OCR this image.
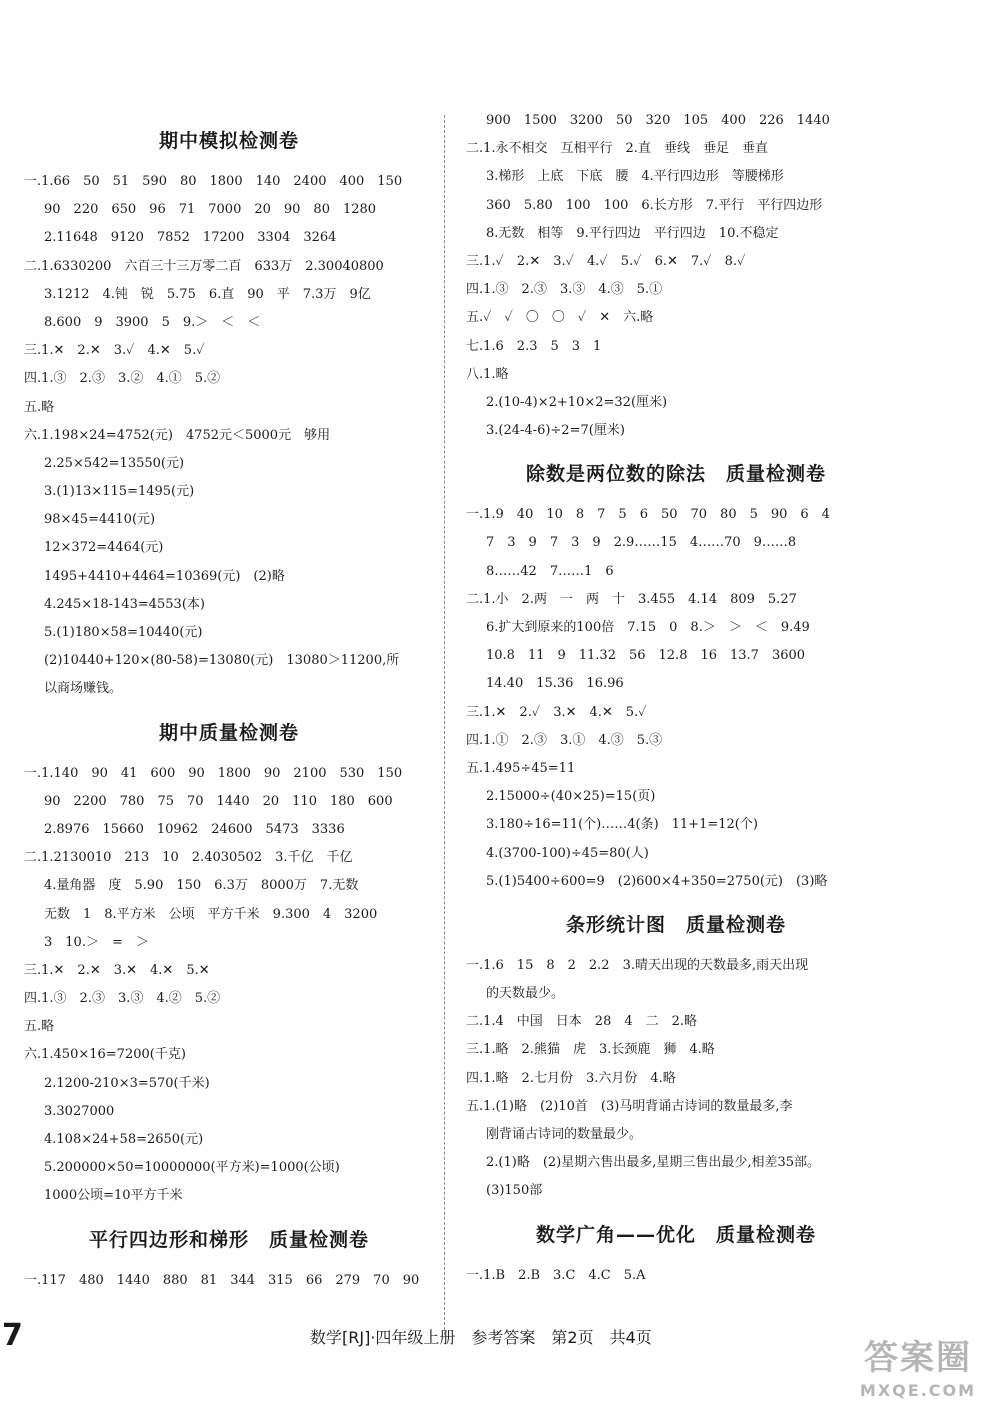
期中模拟检测卷
一.1.66　50　51　590　80　1800　140　2400　400　150
90　220　650　96　71　7000　20　90　80　1280
2.11648　9120　7852　17200　3304　3264
二.1.6330200　六百三十三万零二百　633万　2.30040800
3.1212　4.钝　锐　5.75　6.直　90　平　7.3万　9亿
8.600　9　3900　5　9.＞　＜　＜
三.1.✕　2.✕　3.✓　4.✕　5.✓
四.1.③　2.③　3.②　4.①　5.②
五.略
六.1.198×24=4752(元)　4752元＜5000元　够用
2.25×542=13550(元)
3.(1)13×115=1495(元)
98×45=4410(元)
12×372=4464(元)
1495+4410+4464=10369(元)　(2)略
4.245×18-143=4553(本)
5.(1)180×58=10440(元)
(2)10440+120×(80-58)=13080(元)　13080＞11200,所
以商场赚钱。
期中质量检测卷
一.1.140　90　41　600　90　1800　90　2100　530　150
90　2200　780　75　70　1440　20　110　180　600
2.8976　15660　10962　24600　5473　3336
二.1.2130010　213　10　2.4030502　3.千亿　千亿
4.量角器　度　5.90　150　6.3万　8000万　7.无数
无数　1　8.平方米　公顷　平方千米　9.300　4　3200
3　10.＞　=　＞
三.1.✕　2.✕　3.✕　4.✕　5.✕
四.1.③　2.③　3.③　4.②　5.②
五.略
六.1.450×16=7200(千克)
2.1200-210×3=570(千米)
3.3027000
4.108×24+58=2650(元)
5.200000×50=10000000(平方米)=1000(公顷)
1000公顷=10平方千米
平行四边形和梯形　质量检测卷
一.117　480　1440　880　81　344　315　66　279　70　90
900　1500　3200　50　320　105　400　226　1440
二.1.永不相交　互相平行　2.直　垂线　垂足　垂直
3.梯形　上底　下底　腰　4.平行四边形　等腰梯形
360　5.80　100　100　6.长方形　7.平行　平行四边形
8.无数　相等　9.平行四边　平行四边　10.不稳定
三.1.✓　2.✕　3.✓　4.✓　5.✓　6.✕　7.✓　8.✓
四.1.③　2.③　3.③　4.③　5.①
五.✓　✓　〇　〇　✓　✕　六.略
七.1.6　2.3　5　3　1
八.1.略
2.(10-4)×2+10×2=32(厘米)
3.(24-4-6)÷2=7(厘米)
除数是两位数的除法　质量检测卷
一.1.9　40　10　8　7　5　6　50　70　80　5　90　6　4
7　3　9　7　3　9　2.9……15　4……70　9……8
8……42　7……1　6
二.1.小　2.两　一　两　十　3.455　4.14　809　5.27
6.扩大到原来的100倍　7.15　0　8.＞　＞　＜　9.49
10.8　11　9　11.32　56　12.8　16　13.7　3600
14.40　15.36　16.96
三.1.✕　2.✓　3.✕　4.✕　5.✓
四.1.①　2.③　3.①　4.③　5.③
五.1.495÷45=11
2.15000÷(40×25)=15(页)
3.180÷16=11(个)……4(条)　11+1=12(个)
4.(3700-100)÷45=80(人)
5.(1)5400÷600=9　(2)600×4+350=2750(元)　(3)略
条形统计图　质量检测卷
一.1.6　15　8　2　2.2　3.晴天出现的天数最多,雨天出现
的天数最少。
二.1.4　中国　日本　28　4　二　2.略
三.1.略　2.熊猫　虎　3.长颈鹿　狮　4.略
四.1.略　2.七月份　3.六月份　4.略
五.1.(1)略　(2)10首　(3)马明背诵古诗词的数量最多,李
刚背诵古诗词的数量最少。
2.(1)略　(2)星期六售出最多,星期三售出最少,相差35部。
(3)150部
数学广角——优化　质量检测卷
一.1.B　2.B　3.C　4.C　5.A
7	数学[RJ]·四年级上册　参考答案　第2页　共4页
答案圈
MXQE.COM
